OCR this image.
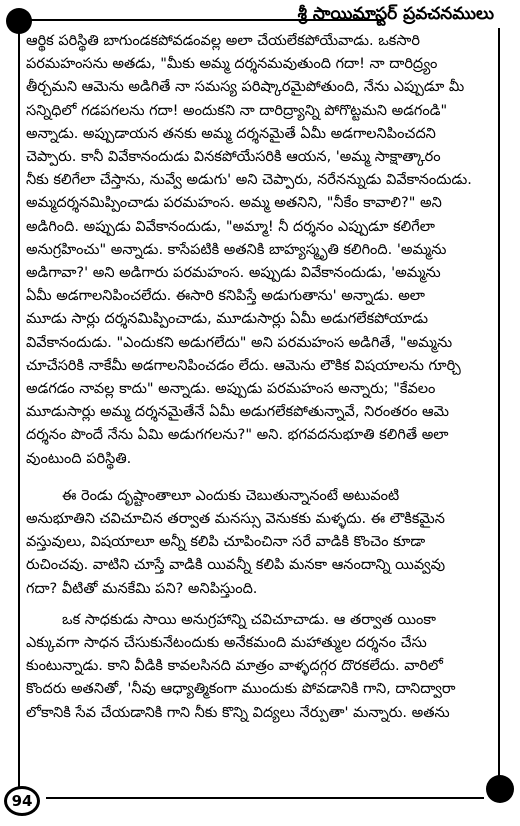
శ్రీ సాయిమాస్టర్ ప్రవచనములు

ఆర్థిక పరిస్థితి బాగుండకపోవడంవల్ల అలా చేయలేకపోయేవాడు. ఒకసారి
పరమహంసను అతడు, "మీకు అమ్మ దర్శనమవుతుంది గదా! నా దారిద్ర్యం
తీర్చమని ఆమెను అడిగితే నా సమస్య పరిష్కారమైపోతుంది, నేను ఎప్పుడూ మీ
సన్నిధిలో గడపగలను గదా! అందుకని నా దారిద్ర్యాన్ని పోగొట్టమని అడగండి"
అన్నాడు. అప్పుడాయన తనకు అమ్మ దర్శనమైతే ఏమీ అడగాలనిపించదని
చెప్పారు. కానీ వివేకానందుడు వినకపోయేసరికి ఆయన, 'అమ్మ సాక్షాత్కారం
నీకు కలిగేలా చేస్తాను, నువ్వే అడుగు' అని చెప్పారు, నరేనన్నుడు వివేకానందుడు.
అమ్మదర్శనమిప్పించాడు పరమహంస. అమ్మ అతనిని, "నీకేం కావాలి?" అని
అడిగింది. అప్పుడు వివేకానందుడు, "అమ్మా! నీ దర్శనం ఎప్పుడూ కలిగేలా
అనుగ్రహించు" అన్నాడు. కాసేపటికి అతనికి బాహ్యస్మృతి కలిగింది. 'అమ్మను
అడిగావా?' అని అడిగారు పరమహంస. అప్పుడు వివేకానందుడు, 'అమ్మను
ఏమీ అడగాలనిపించలేదు. ఈసారి కనిపిస్తే అడుగుతాను' అన్నాడు. అలా
మూడు సార్లు దర్శనమిప్పించాడు, మూడుసార్లు ఏమీ అడుగలేకపోయాడు
వివేకానందుడు. "ఎందుకని అడుగలేదు" అని పరమహంస అడిగితే, "అమ్మను
చూచేసరికి నాకేమీ అడగాలనిపించడం లేదు. ఆమెను లౌకిక విషయాలను గూర్చి
అడగడం నావల్ల కాదు" అన్నాడు. అప్పుడు పరమహంస అన్నారు; "కేవలం
మూడుసార్లు అమ్మ దర్శనమైతేనే ఏమీ అడుగలేకపోతున్నావే, నిరంతరం ఆమె
దర్శనం పొందే నేను ఏమి అడుగగలను?" అని. భగవదనుభూతి కలిగితే అలా
వుంటుంది పరిస్థితి.

ఈ రెండు దృష్టాంతాలూ ఎందుకు చెబుతున్నానంటే అటువంటి
అనుభూతిని చవిచూచిన తర్వాత మనస్సు వెనుకకు మళ్ళదు. ఈ లౌకికమైన
వస్తువులు, విషయాలూ అన్నీ కలిపి చూపించినా సరే వాడికి కొంచెం కూడా
రుచించవు. వాటిని చూస్తే వాడికి యివన్నీ కలిపి మనకా ఆనందాన్ని యివ్వవు
గదా? వీటితో మనకేమి పని? అనిపిస్తుంది.

ఒక సాధకుడు సాయి అనుగ్రహాన్ని చవిచూచాడు. ఆ తర్వాత యింకా
ఎక్కువగా సాధన చేసుకునేటందుకు అనేకమంది మహాత్ముల దర్శనం చేసు
కుంటున్నాడు. కాని వీడికి కావలసినది మాత్రం వాళ్ళదగ్గర దొరకలేదు. వారిలో
కొందరు అతనితో, 'నీవు ఆధ్యాత్మికంగా ముందుకు పోవడానికి గాని, దానిద్వారా
లోకానికి సేవ చేయడానికి గాని నీకు కొన్ని విద్యలు నేర్పుతా' మన్నారు. అతను

94
